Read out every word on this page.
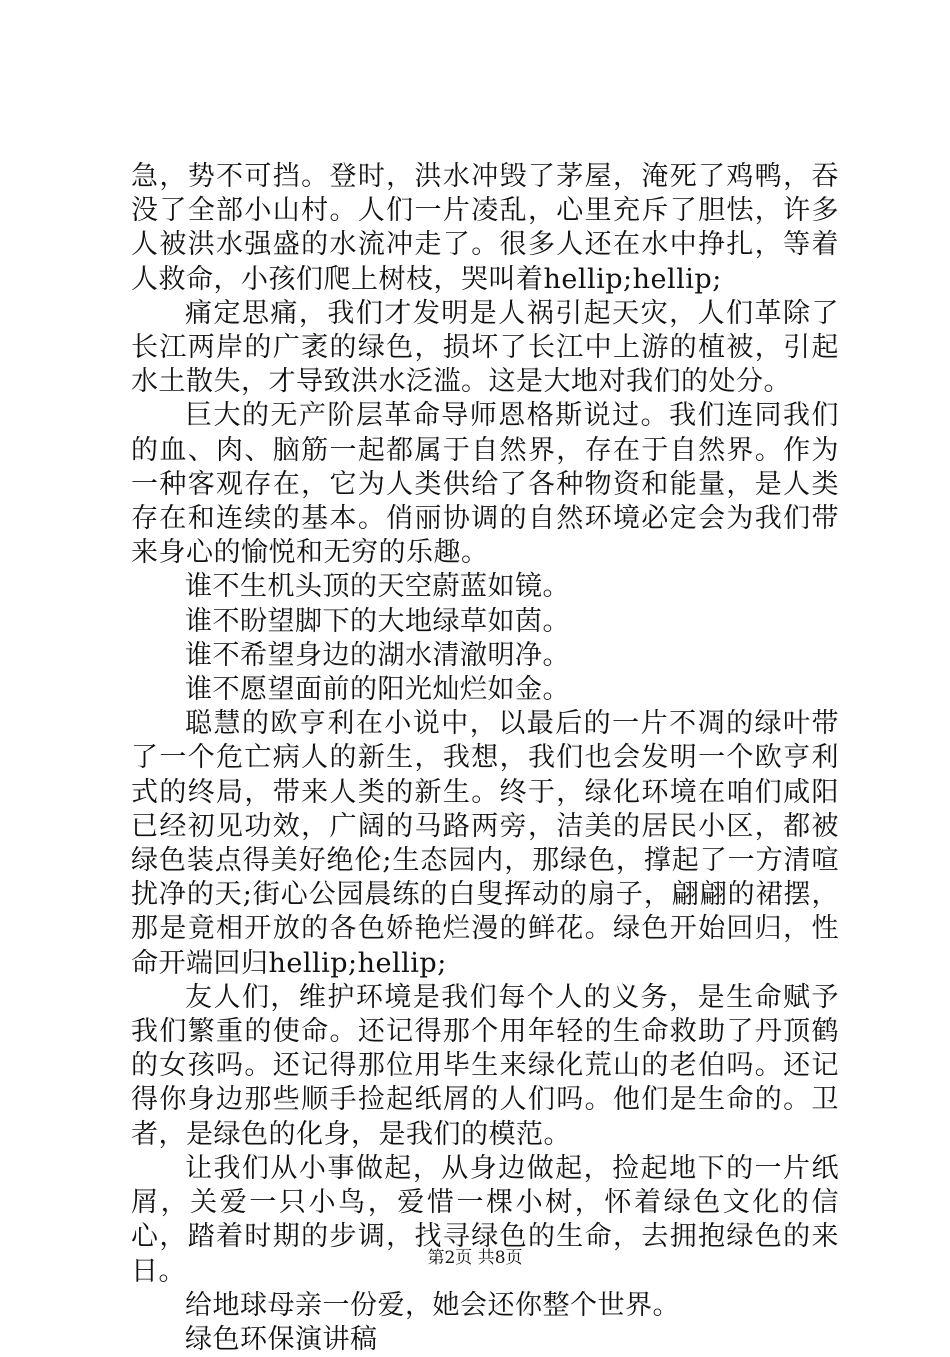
急，势不可挡。登时，洪水冲毁了茅屋，淹死了鸡鸭，吞没了全部小山村。人们一片凌乱，心里充斥了胆怯，许多人被洪水强盛的水流冲走了。很多人还在水中挣扎，等着人救命，小孩们爬上树枝，哭叫着hellip;hellip;

痛定思痛，我们才发明是人祸引起天灾，人们革除了长江两岸的广袤的绿色，损坏了长江中上游的植被，引起水土散失，才导致洪水泛滥。这是大地对我们的处分。

巨大的无产阶层革命导师恩格斯说过。我们连同我们的血、肉、脑筋一起都属于自然界，存在于自然界。作为一种客观存在，它为人类供给了各种物资和能量，是人类存在和连续的基本。俏丽协调的自然环境必定会为我们带来身心的愉悦和无穷的乐趣。

谁不生机头顶的天空蔚蓝如镜。

谁不盼望脚下的大地绿草如茵。

谁不希望身边的湖水清澈明净。

谁不愿望面前的阳光灿烂如金。

聪慧的欧亨利在小说中，以最后的一片不凋的绿叶带了一个危亡病人的新生，我想，我们也会发明一个欧亨利式的终局，带来人类的新生。终于，绿化环境在咱们咸阳已经初见功效，广阔的马路两旁，洁美的居民小区，都被绿色装点得美好绝伦;生态园内，那绿色，撑起了一方清喧扰净的天;街心公园晨练的白叟挥动的扇子，翩翩的裙摆，那是竟相开放的各色娇艳烂漫的鲜花。绿色开始回归，性命开端回归hellip;hellip;

友人们，维护环境是我们每个人的义务，是生命赋予我们繁重的使命。还记得那个用年轻的生命救助了丹顶鹤的女孩吗。还记得那位用毕生来绿化荒山的老伯吗。还记得你身边那些顺手捡起纸屑的人们吗。他们是生命的。卫者，是绿色的化身，是我们的模范。

让我们从小事做起，从身边做起，捡起地下的一片纸屑，关爱一只小鸟，爱惜一棵小树，怀着绿色文化的信心，踏着时期的步调，找寻绿色的生命，去拥抱绿色的来日。

给地球母亲一份爱，她会还你整个世界。

绿色环保演讲稿

第2页 共8页
